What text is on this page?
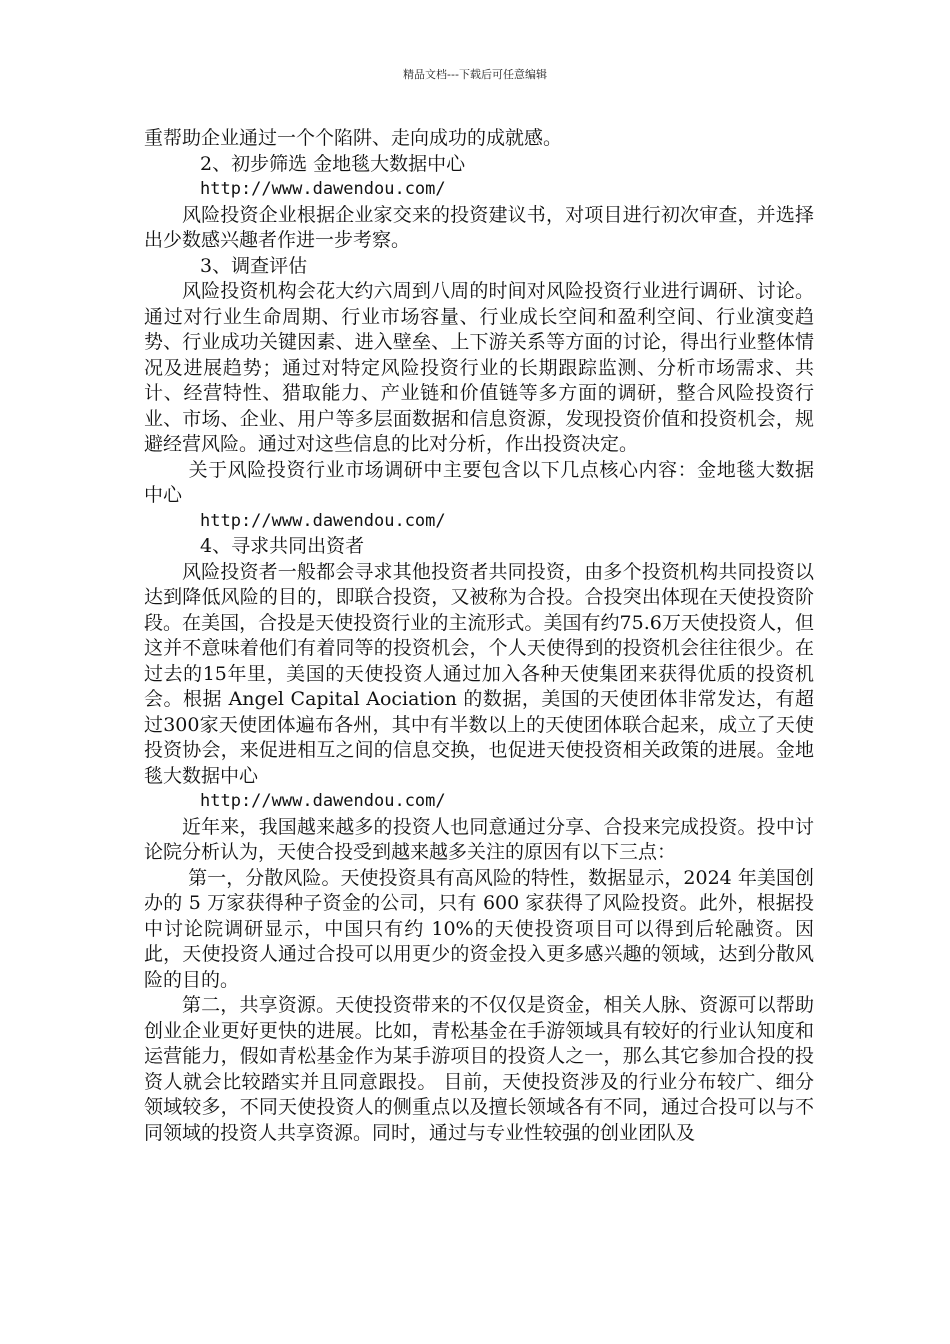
精品文档---下载后可任意编辑

重帮助企业通过一个个陷阱、走向成功的成就感。

2、初步筛选 金地毯大数据中心

http://www.dawendou.com/

风险投资企业根据企业家交来的投资建议书，对项目进行初次审查，并选择出少数感兴趣者作进一步考察。

3、调查评估

风险投资机构会花大约六周到八周的时间对风险投资行业进行调研、讨论。通过对行业生命周期、行业市场容量、行业成长空间和盈利空间、行业演变趋势、行业成功关键因素、进入壁垒、上下游关系等方面的讨论，得出行业整体情况及进展趋势；通过对特定风险投资行业的长期跟踪监测、分析市场需求、共计、经营特性、猎取能力、产业链和价值链等多方面的调研，整合风险投资行业、市场、企业、用户等多层面数据和信息资源，发现投资价值和投资机会，规避经营风险。通过对这些信息的比对分析，作出投资决定。

关于风险投资行业市场调研中主要包含以下几点核心内容：金地毯大数据中心

http://www.dawendou.com/

4、寻求共同出资者

风险投资者一般都会寻求其他投资者共同投资，由多个投资机构共同投资以达到降低风险的目的，即联合投资，又被称为合投。合投突出体现在天使投资阶段。在美国，合投是天使投资行业的主流形式。美国有约75.6万天使投资人，但这并不意味着他们有着同等的投资机会，个人天使得到的投资机会往往很少。在过去的15年里，美国的天使投资人通过加入各种天使集团来获得优质的投资机会。根据 Angel Capital Aociation 的数据，美国的天使团体非常发达，有超过300家天使团体遍布各州，其中有半数以上的天使团体联合起来，成立了天使投资协会，来促进相互之间的信息交换，也促进天使投资相关政策的进展。金地毯大数据中心

http://www.dawendou.com/

近年来，我国越来越多的投资人也同意通过分享、合投来完成投资。投中讨论院分析认为，天使合投受到越来越多关注的原因有以下三点：

第一，分散风险。天使投资具有高风险的特性，数据显示，2024 年美国创办的 5 万家获得种子资金的公司，只有 600 家获得了风险投资。此外，根据投中讨论院调研显示，中国只有约 10%的天使投资项目可以得到后轮融资。因此，天使投资人通过合投可以用更少的资金投入更多感兴趣的领域，达到分散风险的目的。

第二，共享资源。天使投资带来的不仅仅是资金，相关人脉、资源可以帮助创业企业更好更快的进展。比如，青松基金在手游领域具有较好的行业认知度和运营能力，假如青松基金作为某手游项目的投资人之一，那么其它参加合投的投资人就会比较踏实并且同意跟投。 目前，天使投资涉及的行业分布较广、细分领域较多，不同天使投资人的侧重点以及擅长领域各有不同，通过合投可以与不同领域的投资人共享资源。同时，通过与专业性较强的创业团队及
